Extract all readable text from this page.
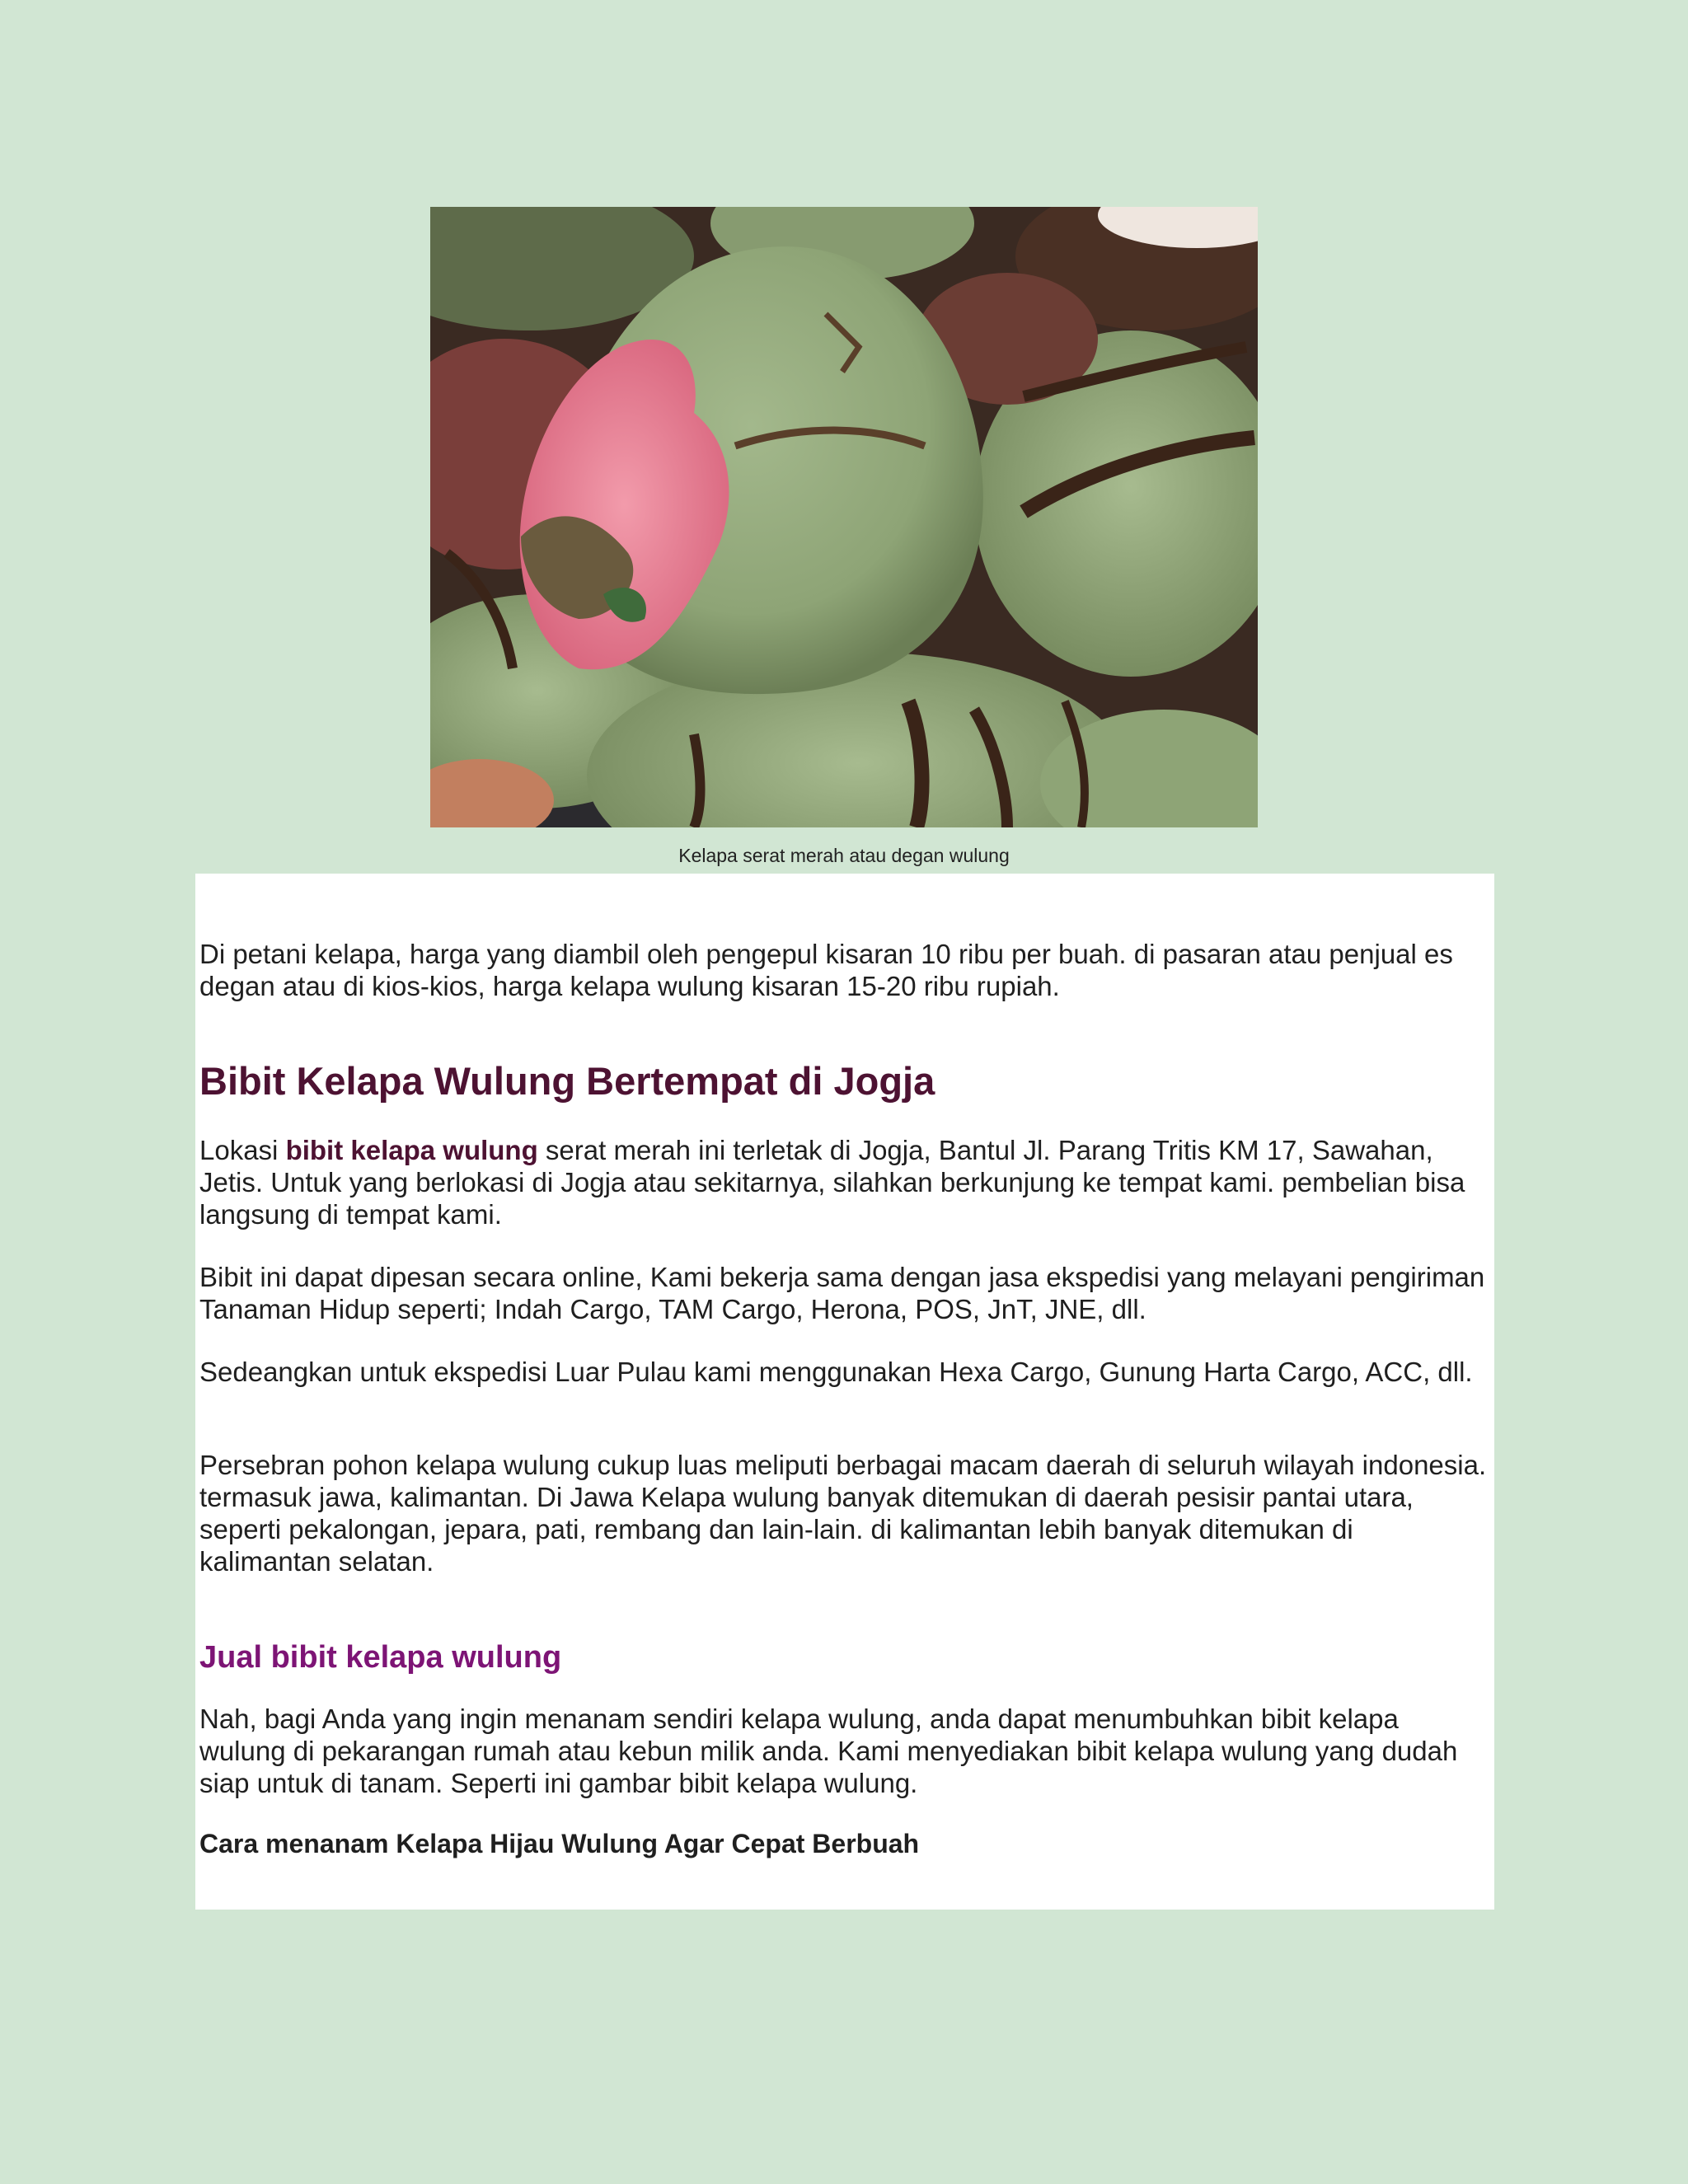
Kelapa serat merah atau degan wulung

Di petani kelapa, harga yang diambil oleh pengepul kisaran 10 ribu per buah. di pasaran atau penjual es degan atau di kios-kios, harga kelapa wulung kisaran 15-20 ribu rupiah.

Bibit Kelapa Wulung Bertempat di Jogja

Lokasi bibit kelapa wulung serat merah ini terletak di Jogja, Bantul Jl. Parang Tritis KM 17, Sawahan, Jetis. Untuk yang berlokasi di Jogja atau sekitarnya, silahkan berkunjung ke tempat kami. pembelian bisa langsung di tempat kami.

Bibit ini dapat dipesan secara online, Kami bekerja sama dengan jasa ekspedisi yang melayani pengiriman Tanaman Hidup seperti; Indah Cargo, TAM Cargo, Herona, POS, JnT, JNE, dll.

Sedeangkan untuk ekspedisi Luar Pulau kami menggunakan Hexa Cargo, Gunung Harta Cargo, ACC, dll.

Persebran pohon kelapa wulung cukup luas meliputi berbagai macam daerah di seluruh wilayah indonesia. termasuk jawa, kalimantan. Di Jawa Kelapa wulung banyak ditemukan di daerah pesisir pantai utara, seperti pekalongan, jepara, pati, rembang dan lain-lain. di kalimantan lebih banyak ditemukan di kalimantan selatan.

Jual bibit kelapa wulung

Nah, bagi Anda yang ingin menanam sendiri kelapa wulung, anda dapat menumbuhkan bibit kelapa wulung di pekarangan rumah atau kebun milik anda. Kami menyediakan bibit kelapa wulung yang dudah siap untuk di tanam. Seperti ini gambar bibit kelapa wulung.

Cara menanam Kelapa Hijau Wulung Agar Cepat Berbuah
